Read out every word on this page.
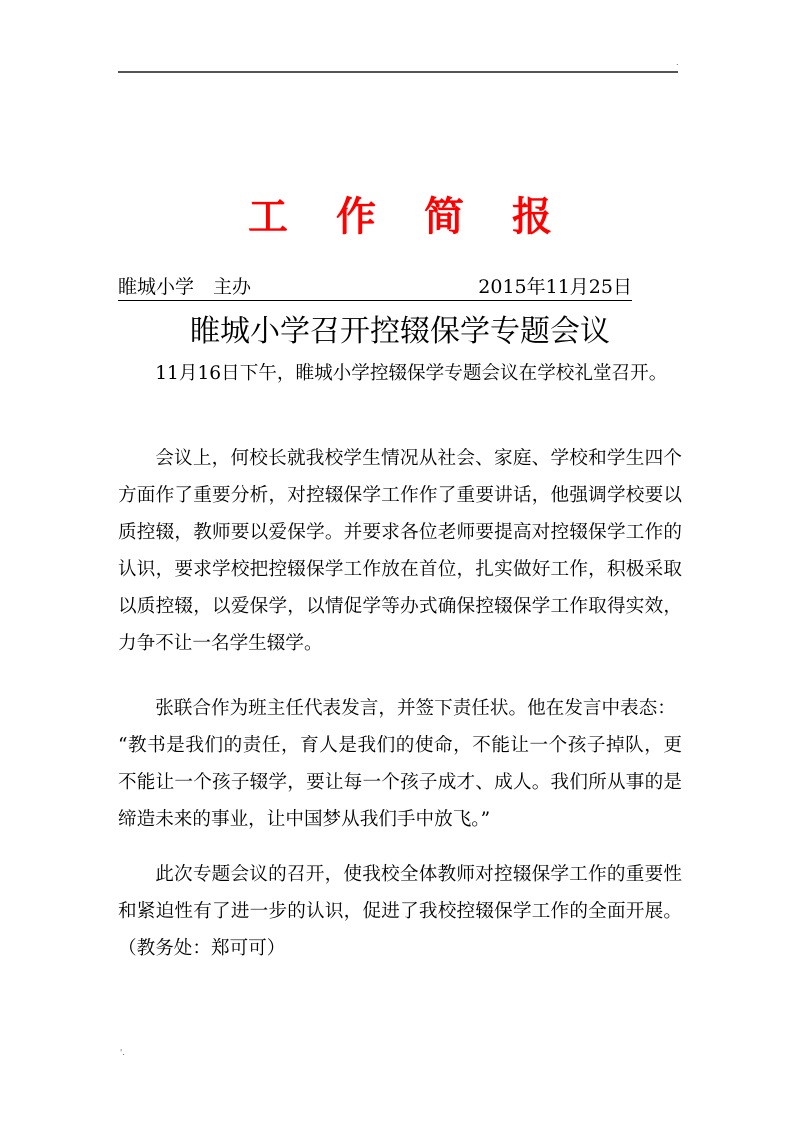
.
工 作 简 报
睢城小学　主办	2015年11月25日
睢城小学召开控辍保学专题会议

11月16日下午，睢城小学控辍保学专题会议在学校礼堂召开。

会议上，何校长就我校学生情况从社会、家庭、学校和学生四个方面作了重要分析，对控辍保学工作作了重要讲话，他强调学校要以质控辍，教师要以爱保学。并要求各位老师要提高对控辍保学工作的认识，要求学校把控辍保学工作放在首位，扎实做好工作，积极采取以质控辍，以爱保学，以情促学等办式确保控辍保学工作取得实效，力争不让一名学生辍学。

张联合作为班主任代表发言，并签下责任状。他在发言中表态：

“教书是我们的责任，育人是我们的使命，不能让一个孩子掉队，更不能让一个孩子辍学，要让每一个孩子成才、成人。我们所从事的是缔造未来的事业，让中国梦从我们手中放飞。”

此次专题会议的召开，使我校全体教师对控辍保学工作的重要性和紧迫性有了进一步的认识，促进了我校控辍保学工作的全面开展。（教务处：郑可可）

'.
